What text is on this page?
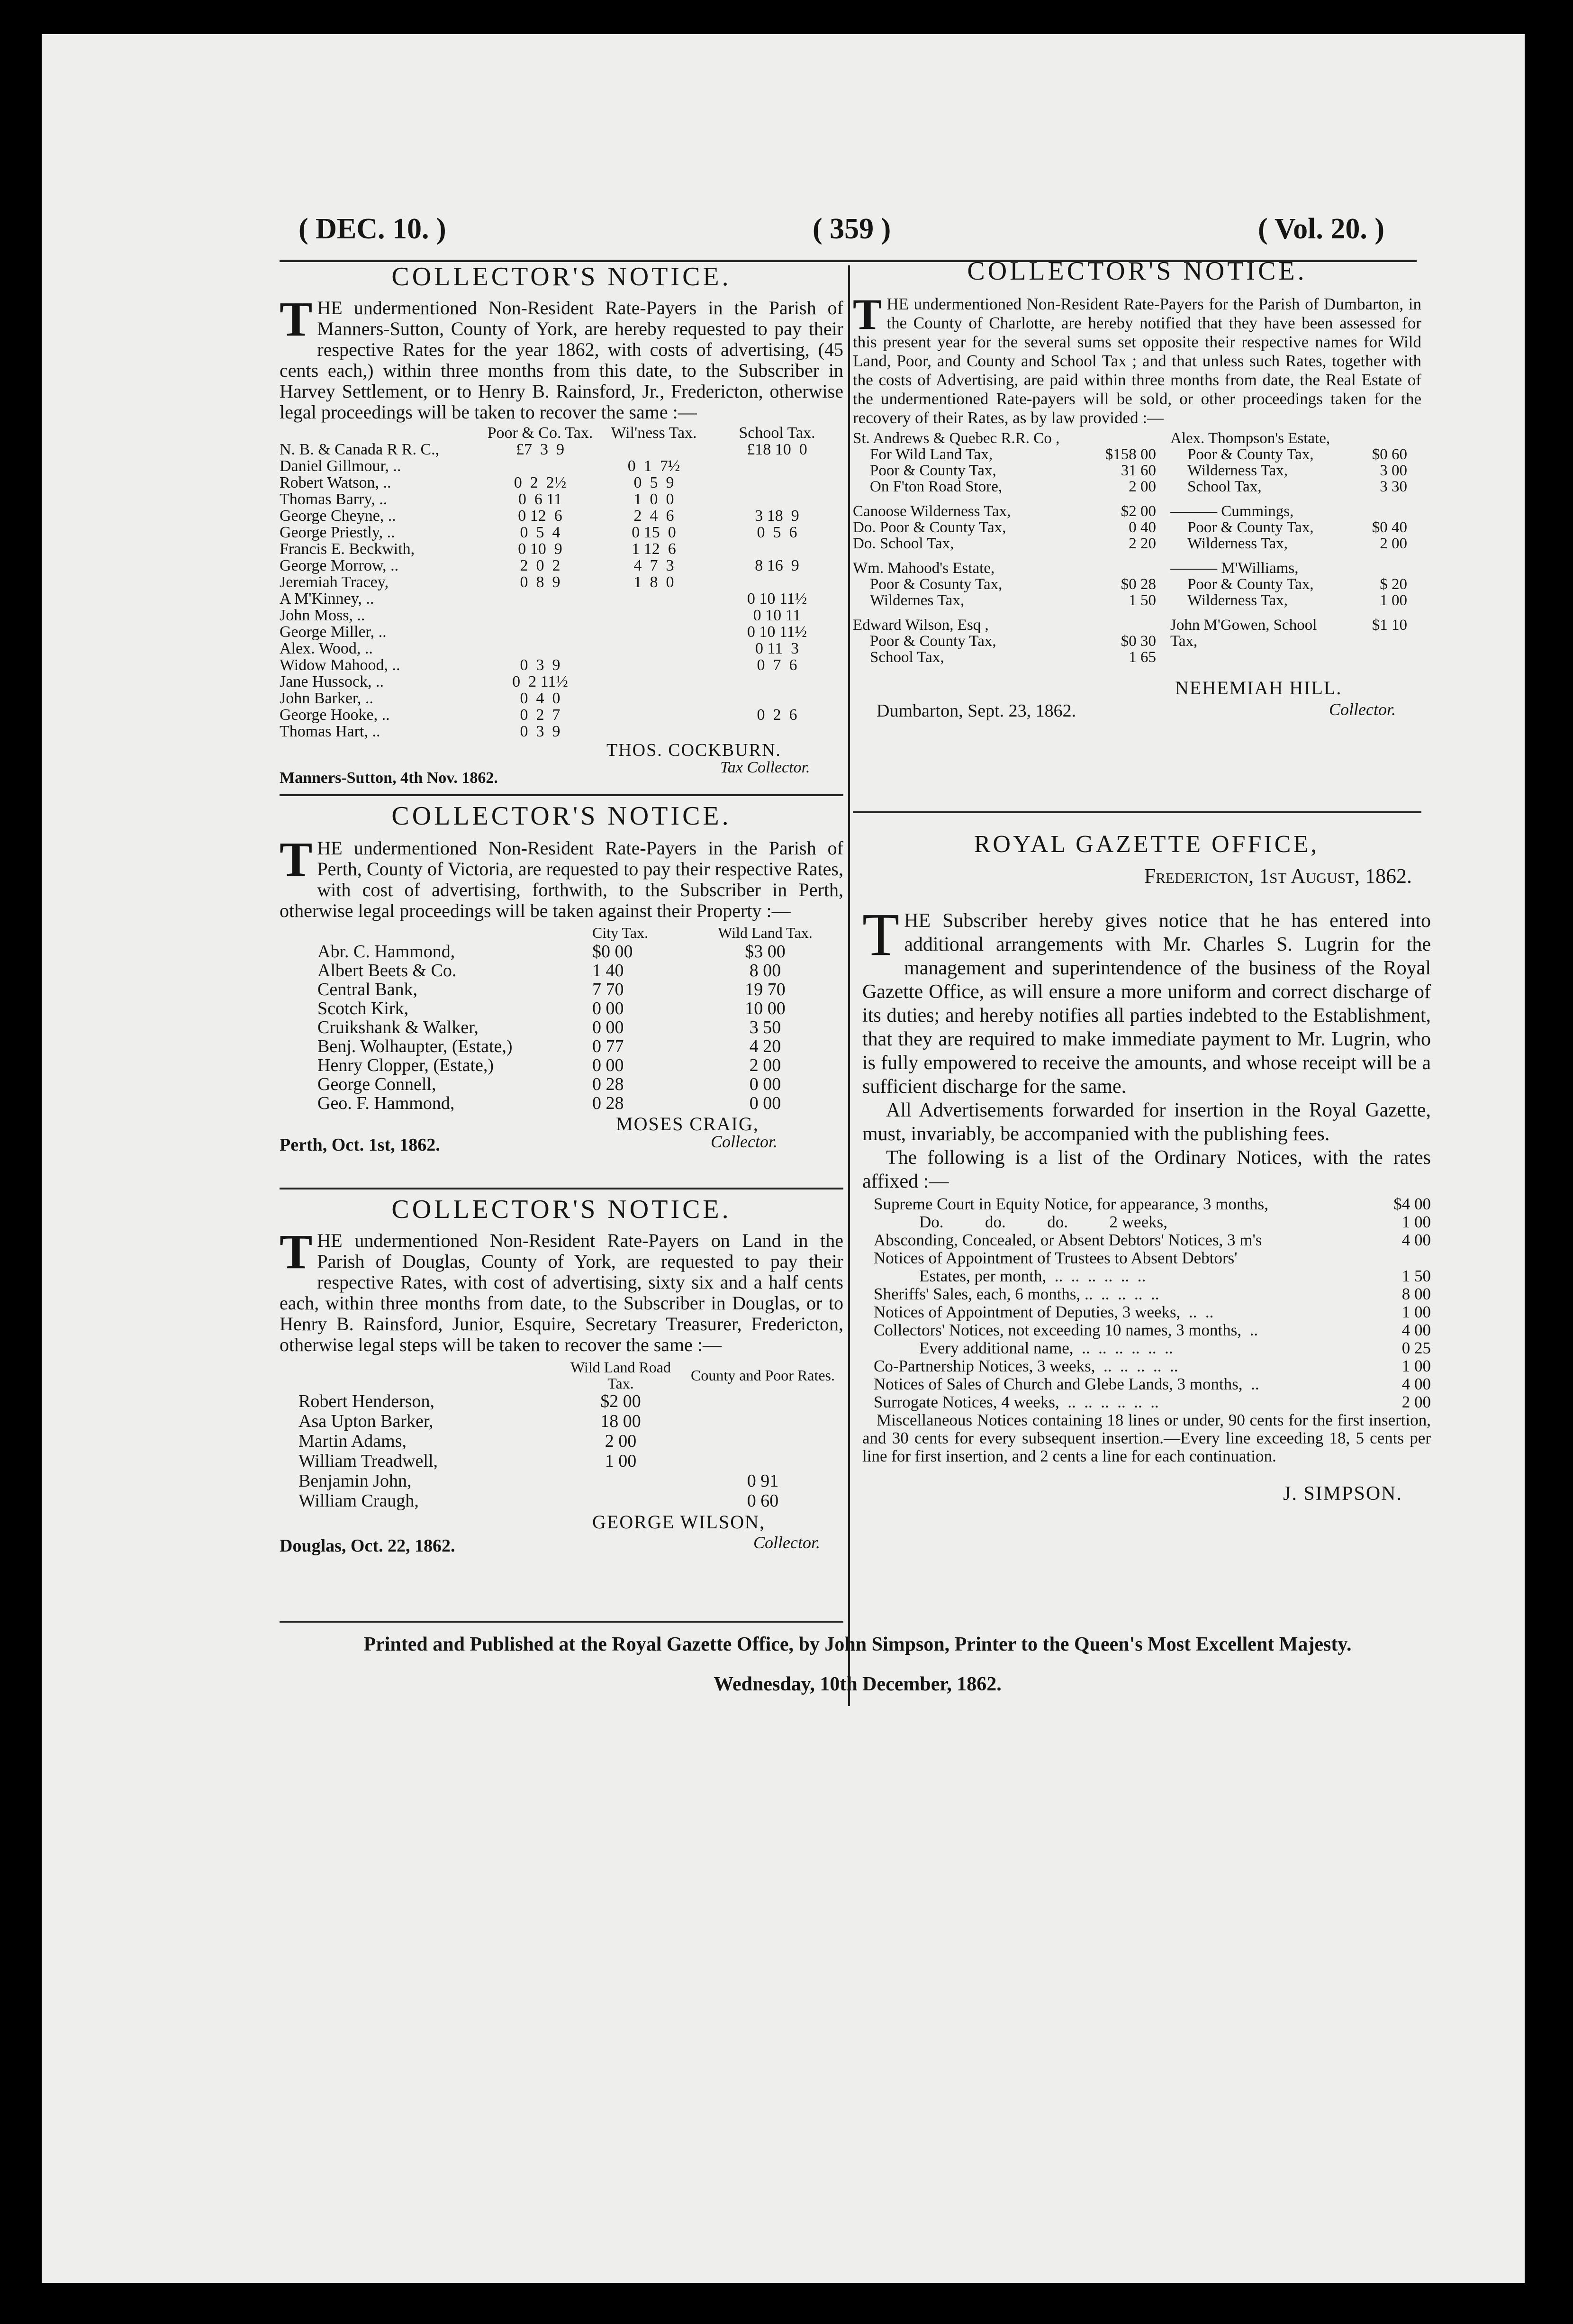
( DEC. 10. )	( 359 )	( Vol. 20. )
COLLECTOR'S NOTICE.
THE undermentioned Non-Resident Rate-Payers in the Parish of Manners-Sutton, County of York, are hereby requested to pay their respective Rates for the year 1862, with costs of advertising, (45 cents each,) within three months from this date, to the Subscriber in Harvey Settlement, or to Henry B. Rainsford, Jr., Fredericton, otherwise legal proceedings will be taken to recover the same :—
	Poor & Co. Tax.	Wil'ness Tax.	School Tax.
N. B. & Canada R R. C.,	£7  3  9		£18 10  0
Daniel Gillmour, ..		0  1  7½	
Robert Watson, ..	0  2  2½	0  5  9	
Thomas Barry, ..	0  6 11	1  0  0	
George Cheyne, ..	0 12  6	2  4  6	3 18  9
George Priestly, ..	0  5  4	0 15  0	0  5  6
Francis E. Beckwith,	0 10  9	1 12  6	
George Morrow, ..	2  0  2	4  7  3	8 16  9
Jeremiah Tracey,	0  8  9	1  8  0	
A M'Kinney, ..			0 10 11½
John Moss, ..			0 10 11
George Miller, ..			0 10 11½
Alex. Wood, ..			0 11  3
Widow Mahood, ..	0  3  9		0  7  6
Jane Hussock, ..	0  2 11½		
John Barker, ..	0  4  0		
George Hooke, ..	0  2  7		0  2  6
Thomas Hart, ..	0  3  9		
THOS. COCKBURN.
Tax Collector.
Manners-Sutton, 4th Nov. 1862.
COLLECTOR'S NOTICE.
THE undermentioned Non-Resident Rate-Payers in the Parish of Perth, County of Victoria, are requested to pay their respective Rates, with cost of advertising, forthwith, to the Subscriber in Perth, otherwise legal proceedings will be taken against their Property :—
	City Tax.	Wild Land Tax.
Abr. C. Hammond,	$0 00	$3 00
Albert Beets & Co.	1 40	8 00
Central Bank,	7 70	19 70
Scotch Kirk,	0 00	10 00
Cruikshank & Walker,	0 00	3 50
Benj. Wolhaupter, (Estate,)	0 77	4 20
Henry Clopper, (Estate,)	0 00	2 00
George Connell,	0 28	0 00
Geo. F. Hammond,	0 28	0 00
MOSES CRAIG,
Perth, Oct. 1st, 1862.	Collector.
COLLECTOR'S NOTICE.
THE undermentioned Non-Resident Rate-Payers on Land in the Parish of Douglas, County of York, are requested to pay their respective Rates, with cost of advertising, sixty six and a half cents each, within three months from date, to the Subscriber in Douglas, or to Henry B. Rainsford, Junior, Esquire, Secretary Treasurer, Fredericton, otherwise legal steps will be taken to recover the same :—
	Wild Land Road Tax.	County and Poor Rates.
Robert Henderson,	$2 00	
Asa Upton Barker,	18 00	
Martin Adams,	2 00	
William Treadwell,	1 00	
Benjamin John,		0 91
William Craugh,		0 60
GEORGE WILSON,
Douglas, Oct. 22, 1862.	Collector.
COLLECTOR'S NOTICE.
THE undermentioned Non-Resident Rate-Payers for the Parish of Dumbarton, in the County of Charlotte, are hereby notified that they have been assessed for this present year for the several sums set opposite their respective names for Wild Land, Poor, and County and School Tax ; and that unless such Rates, together with the costs of Advertising, are paid within three months from date, the Real Estate of the undermentioned Rate-payers will be sold, or other proceedings taken for the recovery of their Rates, as by law provided :—
St. Andrews & Quebec R.R. Co ,
For Wild Land Tax,	$158 00
Poor & County Tax,	31 60
On F'ton Road Store,	2 00
Canoose Wilderness Tax,	$2 00
Do. Poor & County Tax,	0 40
Do. School Tax,	2 20
Wm. Mahood's Estate,
Poor & Cosunty Tax,	$0 28
Wildernes Tax,	1 50
Edward Wilson, Esq ,
Poor & County Tax,	$0 30
School Tax,	1 65
Alex. Thompson's Estate,
Poor & County Tax,	$0 60
Wilderness Tax,	3 00
School Tax,	3 30
——— Cummings,
Poor & County Tax,	$0 40
Wilderness Tax,	2 00
——— M'Williams,
Poor & County Tax,	$ 20
Wilderness Tax,	1 00
John M'Gowen, School Tax,
$1 10
NEHEMIAH HILL.
Dumbarton, Sept. 23, 1862.	Collector.
ROYAL GAZETTE OFFICE,
Fredericton, 1st August, 1862.
THE Subscriber hereby gives notice that he has entered into additional arrangements with Mr. Charles S. Lugrin for the management and superintendence of the business of the Royal Gazette Office, as will ensure a more uniform and correct discharge of its duties; and hereby notifies all parties indebted to the Establishment, that they are required to make immediate payment to Mr. Lugrin, who is fully empowered to receive the amounts, and whose receipt will be a sufficient discharge for the same.
All Advertisements forwarded for insertion in the Royal Gazette, must, invariably, be accompanied with the publishing fees.
The following is a list of the Ordinary Notices, with the rates affixed :—
Supreme Court in Equity Notice, for appearance, 3 months,	$4 00
Do.          do.          do.          2 weeks,	1 00
Absconding, Concealed, or Absent Debtors' Notices, 3 m's	4 00
Notices of Appointment of Trustees to Absent Debtors'	
Estates, per month,  ..  ..  ..  ..  ..  ..	1 50
Sheriffs' Sales, each, 6 months, ..  ..  ..  ..  ..	8 00
Notices of Appointment of Deputies, 3 weeks,  ..  ..	1 00
Collectors' Notices, not exceeding 10 names, 3 months,  ..	4 00
Every additional name,  ..  ..  ..  ..  ..  ..	0 25
Co-Partnership Notices, 3 weeks,  ..  ..  ..  ..  ..	1 00
Notices of Sales of Church and Glebe Lands, 3 months,  ..	4 00
Surrogate Notices, 4 weeks,  ..  ..  ..  ..  ..  ..	2 00
Miscellaneous Notices containing 18 lines or under, 90 cents for the first insertion, and 30 cents for every subsequent insertion.—Every line exceeding 18, 5 cents per line for first insertion, and 2 cents a line for each continuation.
J. SIMPSON.
Printed and Published at the Royal Gazette Office, by John Simpson, Printer to the Queen's Most Excellent Majesty.
Wednesday, 10th December, 1862.
